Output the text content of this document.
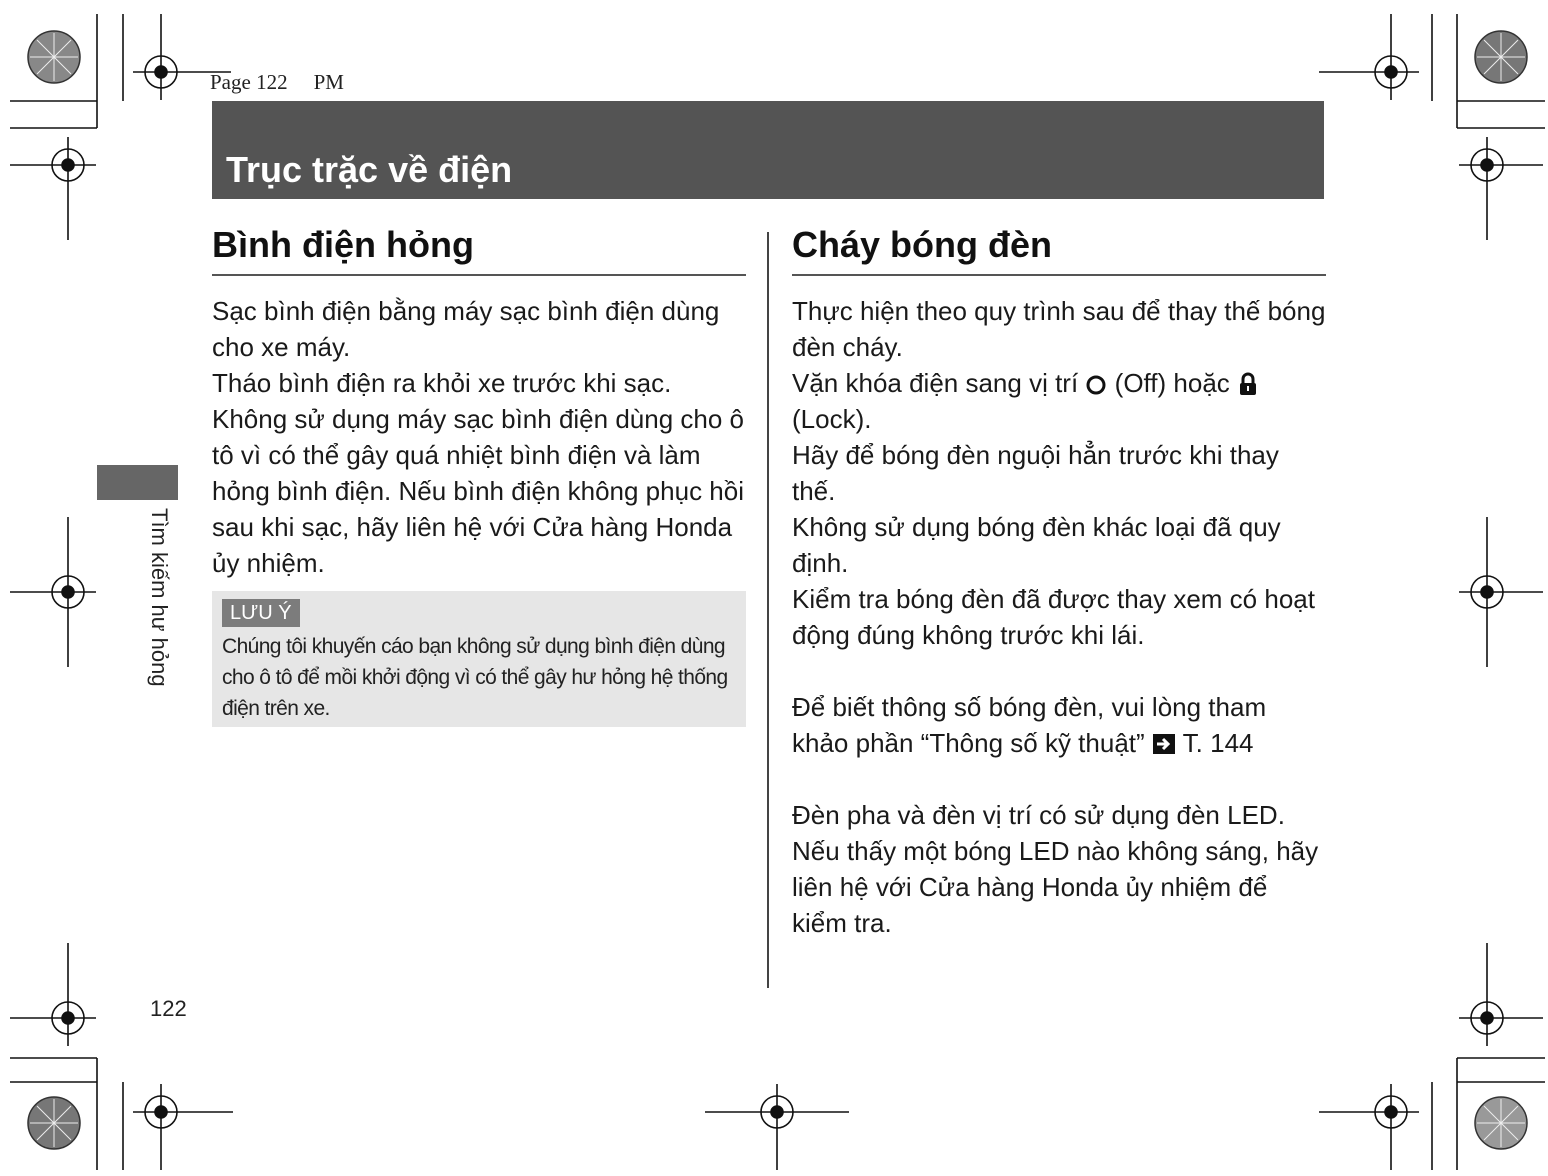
Page 122 PM
Trục trặc về điện
Bình điện hỏng

Sạc bình điện bằng máy sạc bình điện dùng cho xe máy.

Tháo bình điện ra khỏi xe trước khi sạc.

Không sử dụng máy sạc bình điện dùng cho ô tô vì có thể gây quá nhiệt bình điện và làm hỏng bình điện. Nếu bình điện không phục hồi sau khi sạc, hãy liên hệ với Cửa hàng Honda ủy nhiệm.

LƯU Ý
Chúng tôi khuyến cáo bạn không sử dụng bình điện dùng cho ô tô để mồi khởi động vì có thể gây hư hỏng hệ thống điện trên xe.
Cháy bóng đèn

Thực hiện theo quy trình sau để thay thế bóng đèn cháy.

Vặn khóa điện sang vị trí (Off) hoặc  (Lock).

Hãy để bóng đèn nguội hẳn trước khi thay thế.

Không sử dụng bóng đèn khác loại đã quy định.

Kiểm tra bóng đèn đã được thay xem có hoạt động đúng không trước khi lái.

Để biết thông số bóng đèn, vui lòng tham khảo phần “Thông số kỹ thuật” T. 144

Đèn pha và đèn vị trí có sử dụng đèn LED. Nếu thấy một bóng LED nào không sáng, hãy liên hệ với Cửa hàng Honda ủy nhiệm để kiểm tra.

Tìm kiếm hư hỏng
122
